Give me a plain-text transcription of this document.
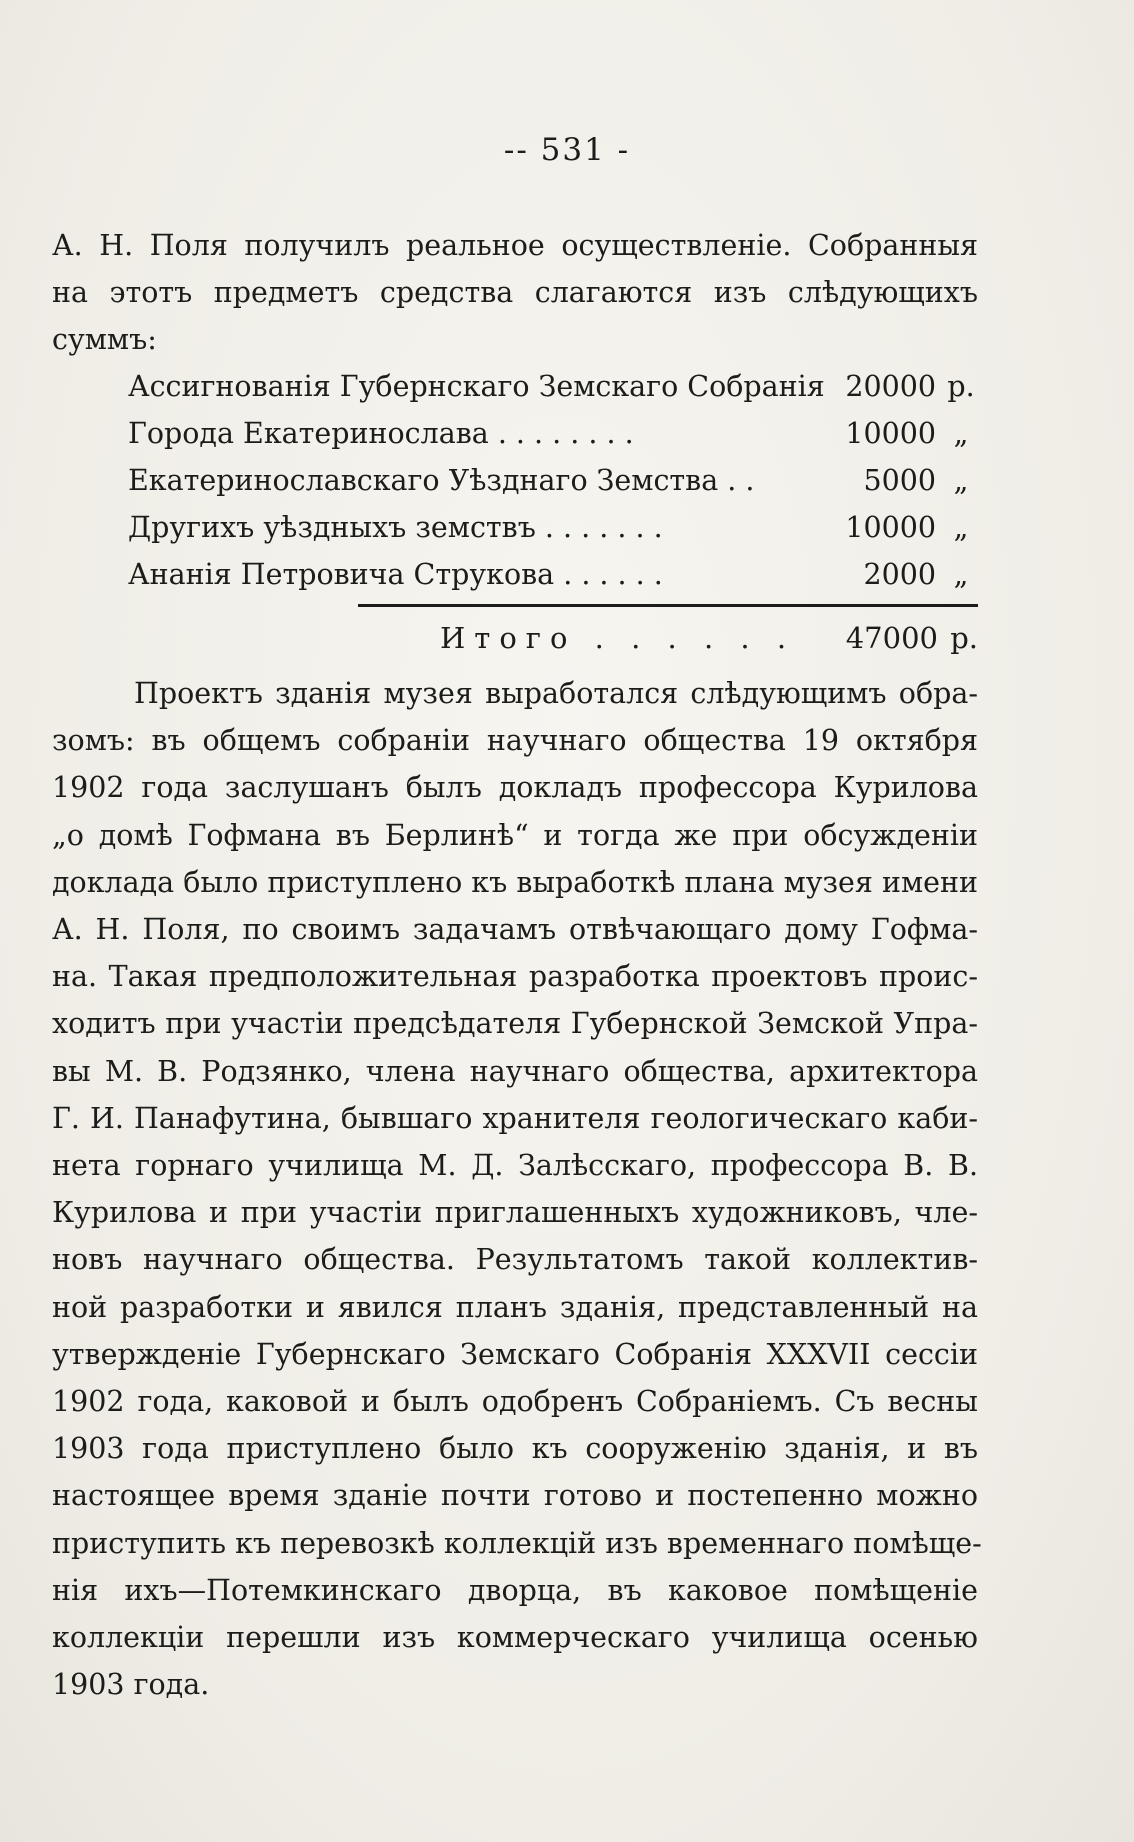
-- 531 -
А. Н. Поля получилъ реальное осуществленіе. Собранныя
на этотъ предметъ средства слагаются изъ слѣдующихъ
суммъ:
Ассигнованія Губернскаго Земскаго Собранія 20000 р.
Города Екатеринослава . . . . . . . .	10000 „
Екатеринославскаго Уѣзднаго Земства . .	5000 „
Другихъ уѣздныхъ земствъ . . . . . . .	10000 „
Ананія Петровича Струкова . . . . . .	2000 „
Итого . . . . . . 47000 р.
Проектъ зданія музея выработался слѣдующимъ обра-
зомъ: въ общемъ собраніи научнаго общества 19 октября
1902 года заслушанъ былъ докладъ профессора Курилова
„о домѣ Гофмана въ Берлинѣ“ и тогда же при обсужденіи
доклада было приступлено къ выработкѣ плана музея имени
А. Н. Поля, по своимъ задачамъ отвѣчающаго дому Гофма-
на. Такая предположительная разработка проектовъ проис-
ходитъ при участіи предсѣдателя Губернской Земской Упра-
вы М. В. Родзянко, члена научнаго общества, архитектора
Г. И. Панафутина, бывшаго хранителя геологическаго каби-
нета горнаго училища М. Д. Залѣсскаго, профессора В. В.
Курилова и при участіи приглашенныхъ художниковъ, чле-
новъ научнаго общества. Результатомъ такой коллектив-
ной разработки и явился планъ зданія, представленный на
утвержденіе Губернскаго Земскаго Собранія XXXVII сессіи
1902 года, каковой и былъ одобренъ Собраніемъ. Съ весны
1903 года приступлено было къ сооруженію зданія, и въ
настоящее время зданіе почти готово и постепенно можно
приступить къ перевозкѣ коллекцій изъ временнаго помѣще-
нія ихъ—Потемкинскаго дворца, въ каковое помѣщеніе
коллекціи перешли изъ коммерческаго училища осенью
1903 года.
